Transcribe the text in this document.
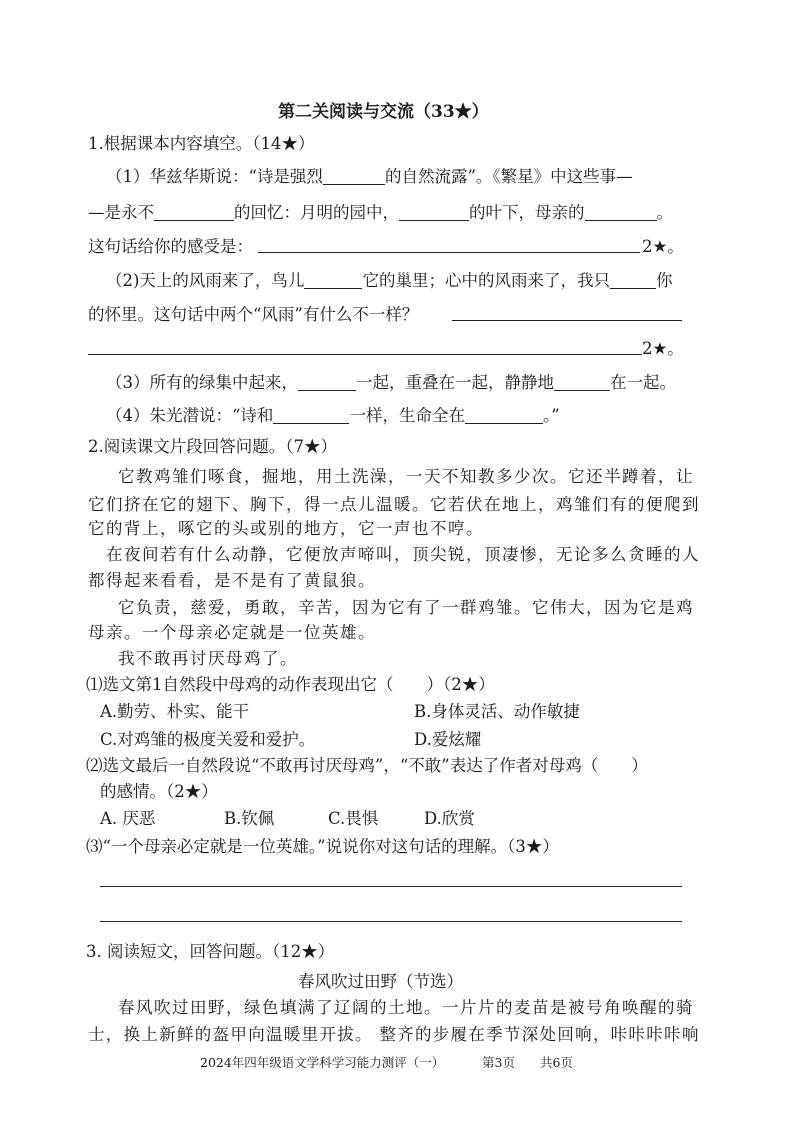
第二关阅读与交流（33★）
1.根据课本内容填空。（14★）
（1）华兹华斯说：“诗是强烈	的自然流露”。《繁星》中这些事—
—是永不	的回忆：月明的园中，	的叶下，母亲的	。
这句话给你的感受是：	2★。
（2)天上的风雨来了，鸟儿	它的巢里；心中的风雨来了，我只	你
的怀里。这句话中两个“风雨”有什么不一样？
2★。
（3）所有的绿集中起来，	一起，重叠在一起，静静地	在一起。
（4）朱光潜说：“诗和	一样，生命全在	。”
2.阅读课文片段回答问题。（7★）
它教鸡雏们啄食，掘地，用土洗澡，一天不知教多少次。它还半蹲着，让
它们挤在它的翅下、胸下，得一点儿温暖。它若伏在地上，鸡雏们有的便爬到
它的背上，啄它的头或别的地方，它一声也不哼。
在夜间若有什么动静，它便放声啼叫，顶尖锐，顶凄惨，无论多么贪睡的人
都得起来看看，是不是有了黄鼠狼。
它负责，慈爱，勇敢，辛苦，因为它有了一群鸡雏。它伟大，因为它是鸡
母亲。一个母亲必定就是一位英雄。
我不敢再讨厌母鸡了。
⑴选文第1自然段中母鸡的动作表现出它（　　）（2★）
A.勤劳、朴实、能干	B.身体灵活、动作敏捷
C.对鸡雏的极度关爱和爱护。	D.爱炫耀
⑵选文最后一自然段说“不敢再讨厌母鸡”，“不敢”表达了作者对母鸡（　　）
的感情。（2★）
A. 厌恶	B.钦佩	C.畏惧	D.欣赏
⑶“一个母亲必定就是一位英雄。”说说你对这句话的理解。（3★）
3. 阅读短文，回答问题。（12★）
春风吹过田野（节选）
春风吹过田野，绿色填满了辽阔的土地。一片片的麦苗是被号角唤醒的骑
士，换上新鲜的盔甲向温暖里开拔。 整齐的步履在季节深处回响，咔咔咔咔响
2024年四年级语文学科学习能力测评（一）	第3页 共6页
